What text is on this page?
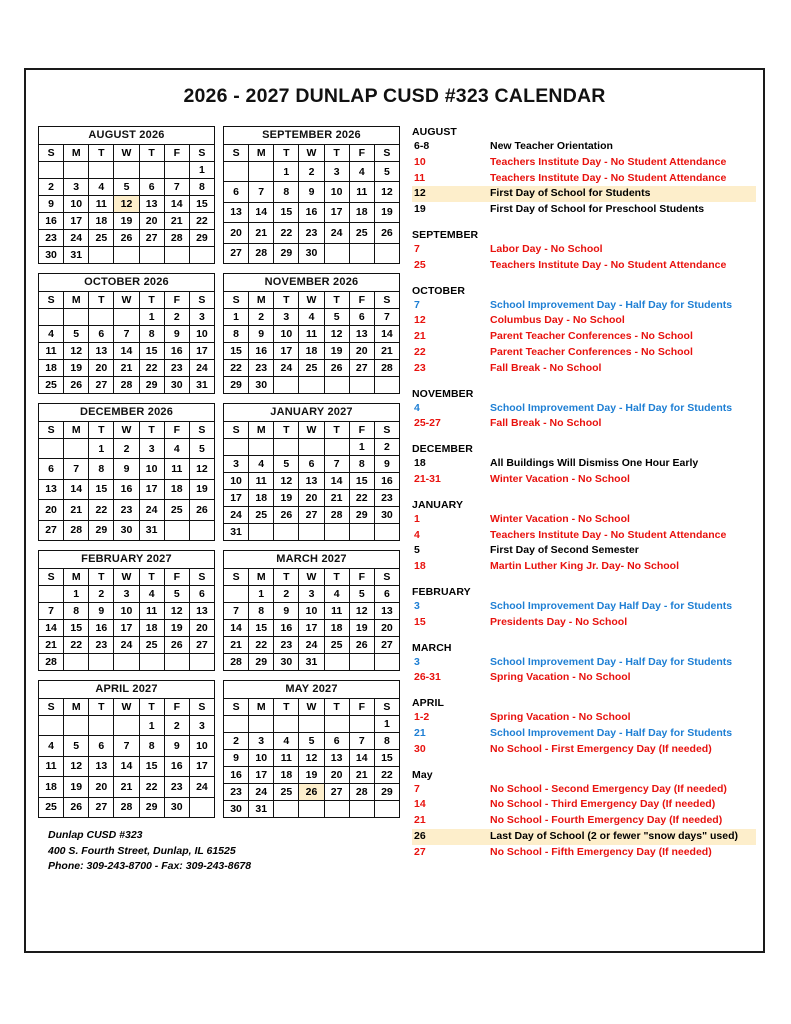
2026 - 2027 DUNLAP CUSD #323 CALENDAR
AUGUST 2026
S	M	T	W	T	F	S
						1
2	3	4	5	6	7	8
9	10	11	12	13	14	15
16	17	18	19	20	21	22
23	24	25	26	27	28	29
30	31					
SEPTEMBER 2026
S	M	T	W	T	F	S
		1	2	3	4	5
6	7	8	9	10	11	12
13	14	15	16	17	18	19
20	21	22	23	24	25	26
27	28	29	30			
OCTOBER 2026
S	M	T	W	T	F	S
				1	2	3
4	5	6	7	8	9	10
11	12	13	14	15	16	17
18	19	20	21	22	23	24
25	26	27	28	29	30	31
NOVEMBER 2026
S	M	T	W	T	F	S
1	2	3	4	5	6	7
8	9	10	11	12	13	14
15	16	17	18	19	20	21
22	23	24	25	26	27	28
29	30					
DECEMBER 2026
S	M	T	W	T	F	S
		1	2	3	4	5
6	7	8	9	10	11	12
13	14	15	16	17	18	19
20	21	22	23	24	25	26
27	28	29	30	31		
JANUARY 2027
S	M	T	W	T	F	S
					1	2
3	4	5	6	7	8	9
10	11	12	13	14	15	16
17	18	19	20	21	22	23
24	25	26	27	28	29	30
31						
FEBRUARY 2027
S	M	T	W	T	F	S
	1	2	3	4	5	6
7	8	9	10	11	12	13
14	15	16	17	18	19	20
21	22	23	24	25	26	27
28						
MARCH 2027
S	M	T	W	T	F	S
	1	2	3	4	5	6
7	8	9	10	11	12	13
14	15	16	17	18	19	20
21	22	23	24	25	26	27
28	29	30	31			
APRIL 2027
S	M	T	W	T	F	S
				1	2	3
4	5	6	7	8	9	10
11	12	13	14	15	16	17
18	19	20	21	22	23	24
25	26	27	28	29	30	
MAY 2027
S	M	T	W	T	F	S
						1
2	3	4	5	6	7	8
9	10	11	12	13	14	15
16	17	18	19	20	21	22
23	24	25	26	27	28	29
30	31					
AUGUST
6-8	New Teacher Orientation
10	Teachers Institute Day - No Student Attendance
11	Teachers Institute Day - No Student Attendance
12	First Day of School for Students
19	First Day of School for Preschool Students
SEPTEMBER
7	Labor Day - No School
25	Teachers Institute Day - No Student Attendance
OCTOBER
7	School Improvement Day - Half Day for Students
12	Columbus Day - No School
21	Parent Teacher Conferences - No School
22	Parent Teacher Conferences - No School
23	Fall Break - No School
NOVEMBER
4	School Improvement Day - Half Day for Students
25-27	Fall Break - No School
DECEMBER
18	All Buildings Will Dismiss One Hour Early
21-31	Winter Vacation - No School
JANUARY
1	Winter Vacation - No School
4	Teachers Institute Day - No Student Attendance
5	First Day of Second Semester
18	Martin Luther King Jr. Day- No School
FEBRUARY
3	School Improvement Day Half Day - for Students
15	Presidents Day - No School
MARCH
3	School Improvement Day - Half Day for Students
26-31	Spring Vacation - No School
APRIL
1-2	Spring Vacation - No School
21	School Improvement Day - Half Day for Students
30	No School - First Emergency Day (If needed)
May
7	No School - Second Emergency Day (If needed)
14	No School - Third Emergency Day (If needed)
21	No School - Fourth Emergency Day (If needed)
26	Last Day of School (2 or fewer "snow days" used)
27	No School - Fifth Emergency Day (If needed)
Dunlap CUSD #323
400 S. Fourth Street, Dunlap, IL 61525
Phone: 309-243-8700 - Fax: 309-243-8678
